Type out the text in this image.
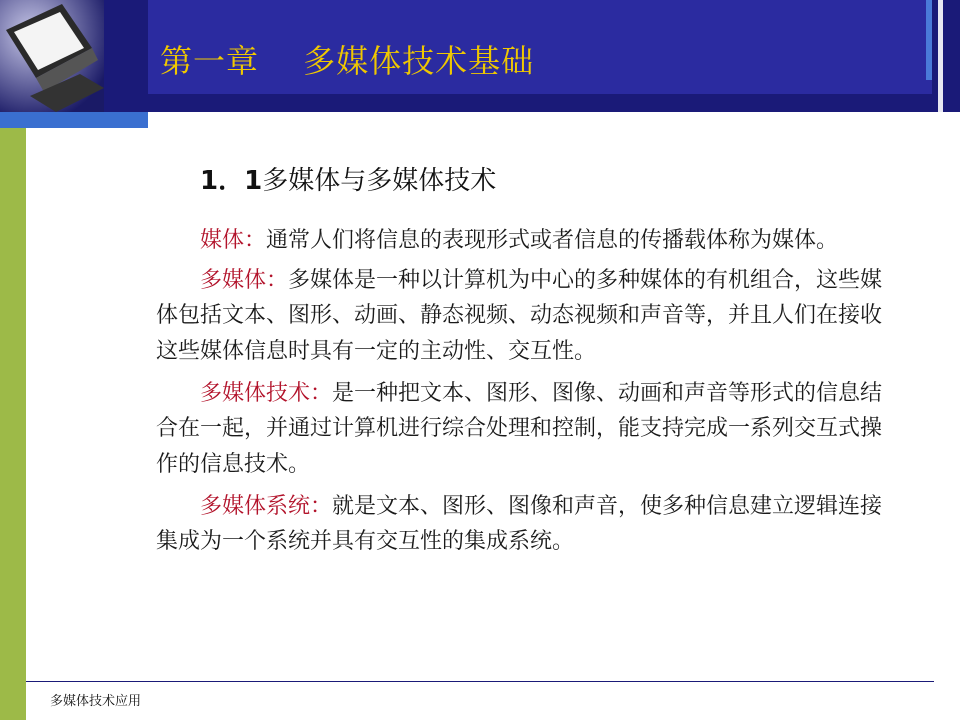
第一章　 多媒体技术基础
1．1多媒体与多媒体技术

媒体：通常人们将信息的表现形式或者信息的传播载体称为媒体。

多媒体：多媒体是一种以计算机为中心的多种媒体的有机组合，这些媒体包括文本、图形、动画、静态视频、动态视频和声音等，并且人们在接收这些媒体信息时具有一定的主动性、交互性。

多媒体技术：是一种把文本、图形、图像、动画和声音等形式的信息结合在一起，并通过计算机进行综合处理和控制，能支持完成一系列交互式操作的信息技术。

多媒体系统：就是文本、图形、图像和声音，使多种信息建立逻辑连接集成为一个系统并具有交互性的集成系统。

多媒体技术应用
